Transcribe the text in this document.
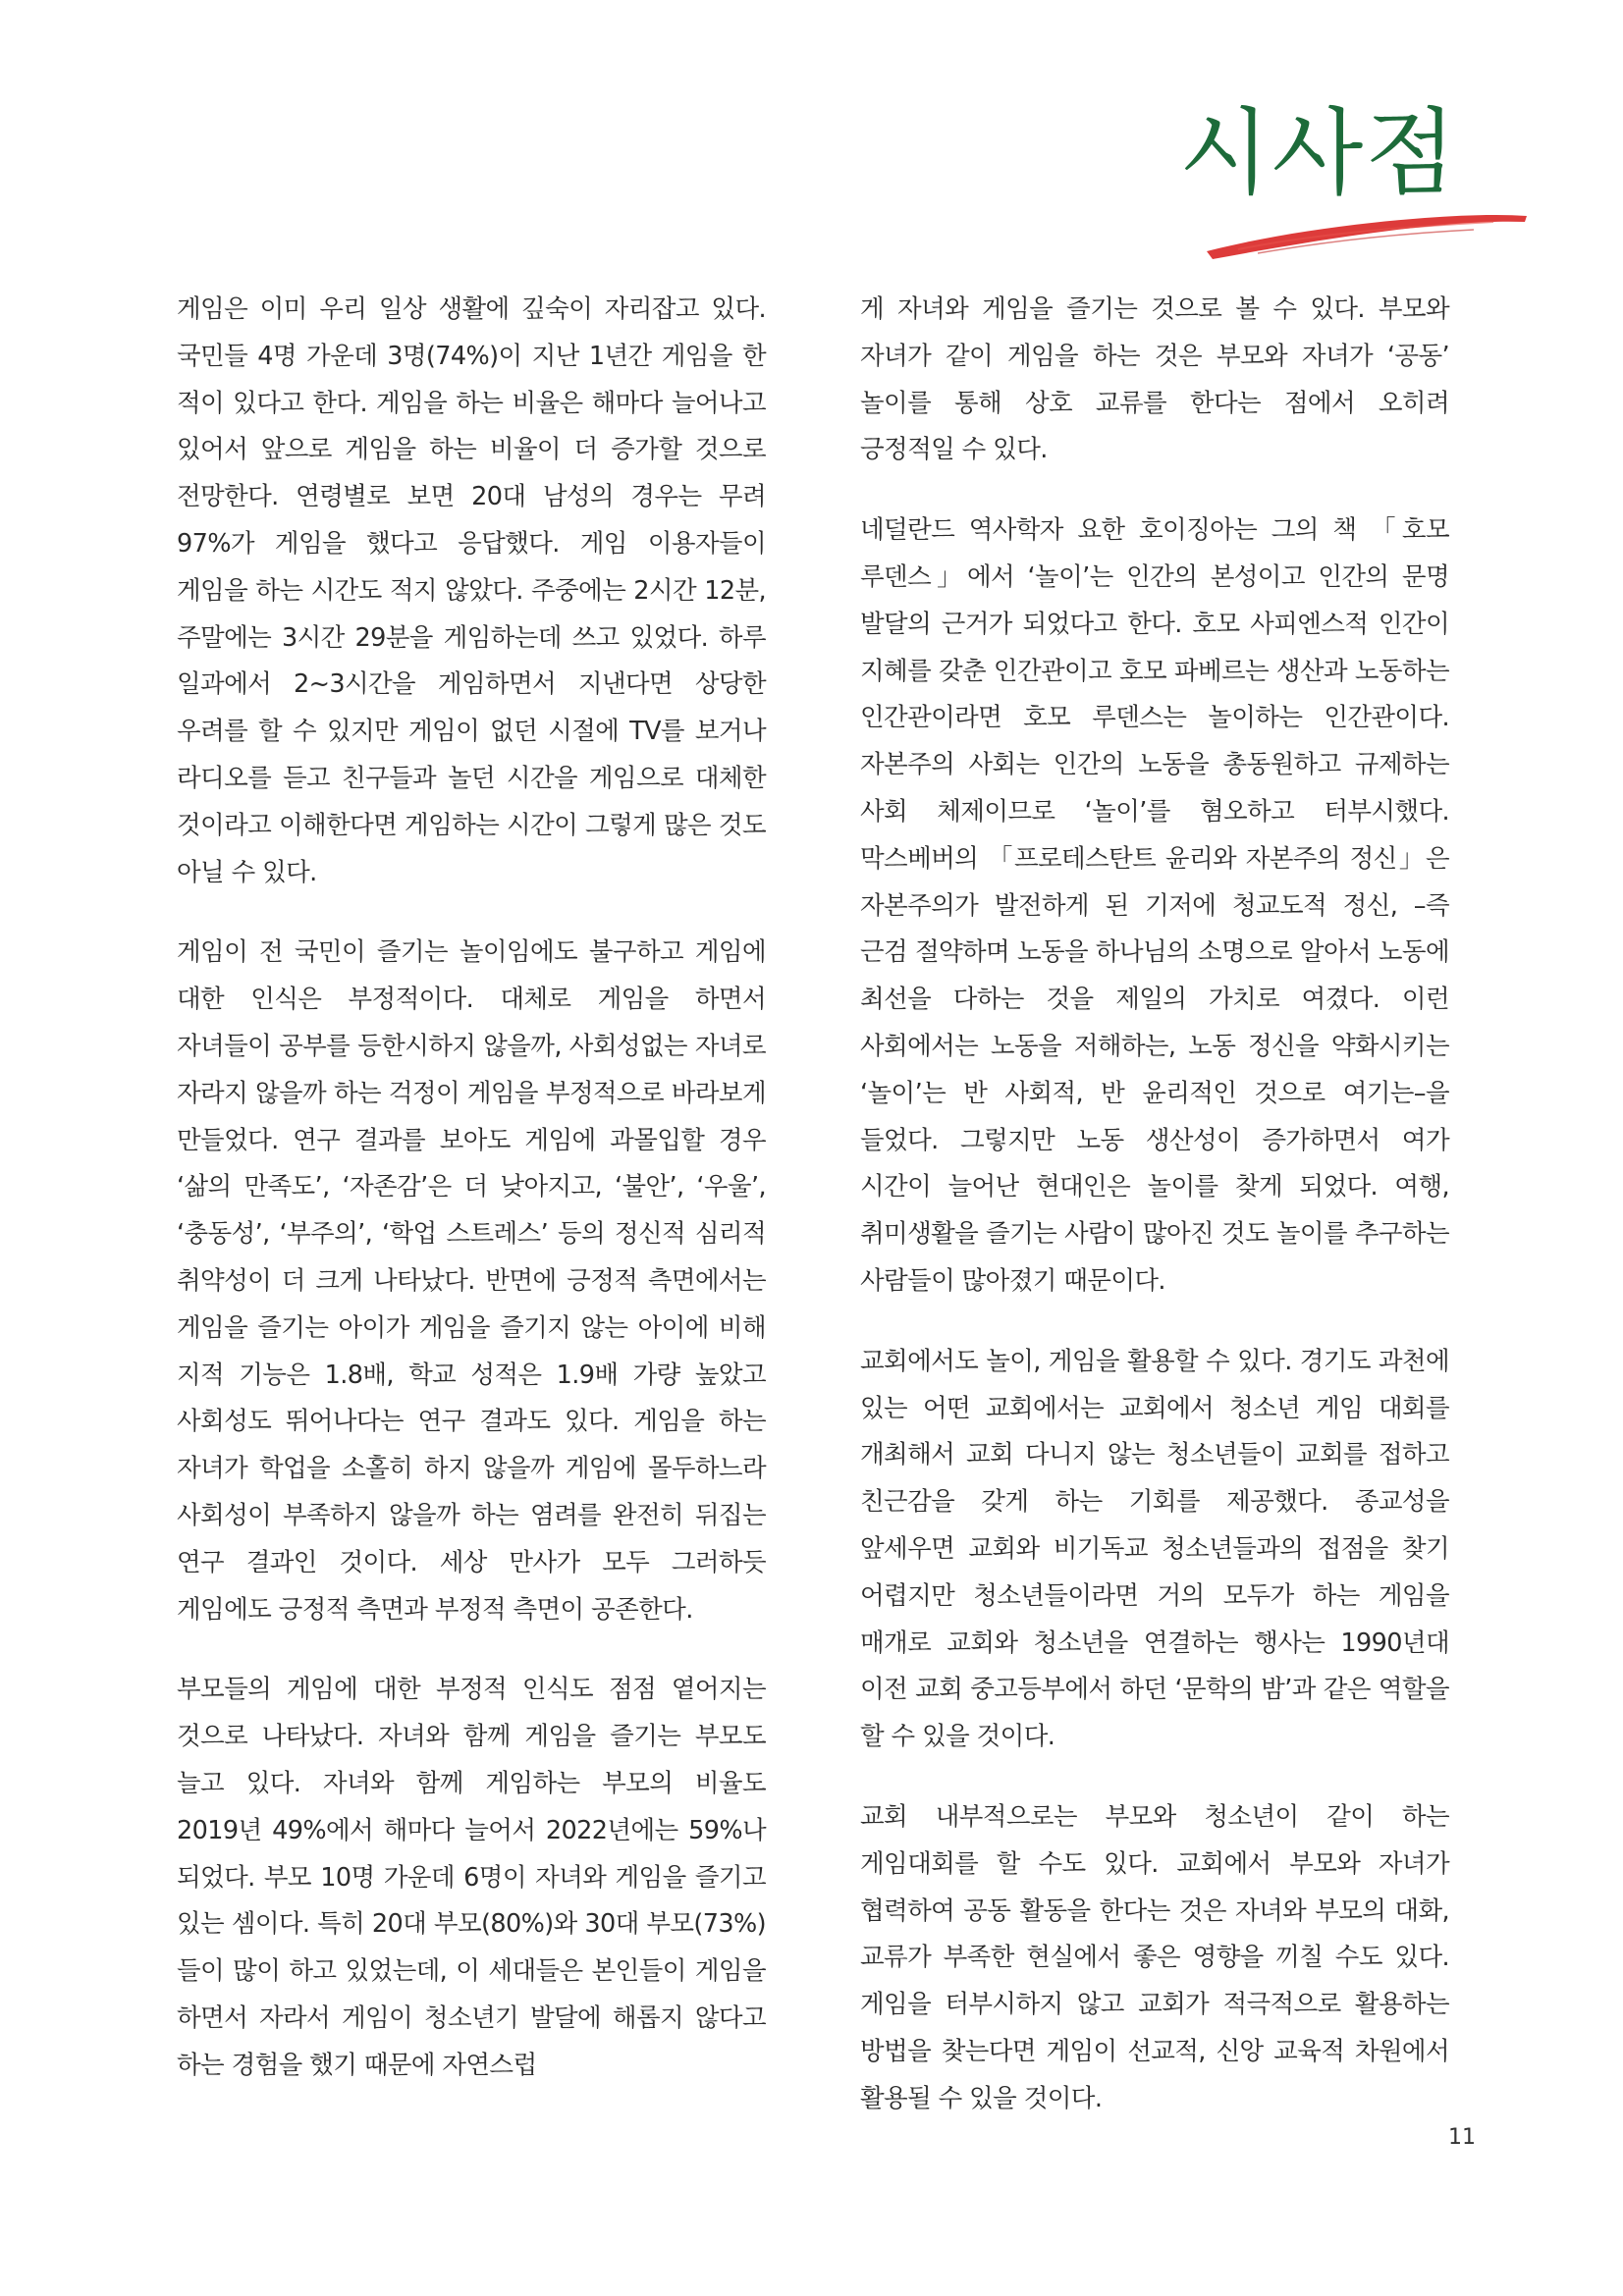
시사점

게임은 이미 우리 일상 생활에 깊숙이 자리잡고 있다. 국민들 4명 가운데 3명(74%)이 지난 1년간 게임을 한 적이 있다고 한다. 게임을 하는 비율은 해마다 늘어나고 있어서 앞으로 게임을 하는 비율이 더 증가할 것으로 전망한다. 연령별로 보면 20대 남성의 경우는 무려 97%가 게임을 했다고 응답했다. 게임 이용자들이 게임을 하는 시간도 적지 않았다. 주중에는 2시간 12분, 주말에는 3시간 29분을 게임하는데 쓰고 있었다. 하루 일과에서 2~3시간을 게임하면서 지낸다면 상당한 우려를 할 수 있지만 게임이 없던 시절에 TV를 보거나 라디오를 듣고 친구들과 놀던 시간을 게임으로 대체한 것이라고 이해한다면 게임하는 시간이 그렇게 많은 것도 아닐 수 있다.

게임이 전 국민이 즐기는 놀이임에도 불구하고 게임에 대한 인식은 부정적이다. 대체로 게임을 하면서 자녀들이 공부를 등한시하지 않을까, 사회성없는 자녀로 자라지 않을까 하는 걱정이 게임을 부정적으로 바라보게 만들었다. 연구 결과를 보아도 게임에 과몰입할 경우 ‘삶의 만족도’, ‘자존감’은 더 낮아지고, ‘불안’, ‘우울’, ‘충동성’, ‘부주의’, ‘학업 스트레스’ 등의 정신적 심리적 취약성이 더 크게 나타났다. 반면에 긍정적 측면에서는 게임을 즐기는 아이가 게임을 즐기지 않는 아이에 비해 지적 기능은 1.8배, 학교 성적은 1.9배 가량 높았고 사회성도 뛰어나다는 연구 결과도 있다. 게임을 하는 자녀가 학업을 소홀히 하지 않을까 게임에 몰두하느라 사회성이 부족하지 않을까 하는 염려를 완전히 뒤집는 연구 결과인 것이다. 세상 만사가 모두 그러하듯 게임에도 긍정적 측면과 부정적 측면이 공존한다.

부모들의 게임에 대한 부정적 인식도 점점 옅어지는 것으로 나타났다. 자녀와 함께 게임을 즐기는 부모도 늘고 있다. 자녀와 함께 게임하는 부모의 비율도 2019년 49%에서 해마다 늘어서 2022년에는 59%나 되었다. 부모 10명 가운데 6명이 자녀와 게임을 즐기고 있는 셈이다. 특히 20대 부모(80%)와 30대 부모(73%)들이 많이 하고 있었는데, 이 세대들은 본인들이 게임을 하면서 자라서 게임이 청소년기 발달에 해롭지 않다고 하는 경험을 했기 때문에 자연스럽

게 자녀와 게임을 즐기는 것으로 볼 수 있다. 부모와 자녀가 같이 게임을 하는 것은 부모와 자녀가 ‘공동’ 놀이를 통해 상호 교류를 한다는 점에서 오히려 긍정적일 수 있다.

네덜란드 역사학자 요한 호이징아는 그의 책 「호모 루덴스」에서 ‘놀이’는 인간의 본성이고 인간의 문명 발달의 근거가 되었다고 한다. 호모 사피엔스적 인간이 지혜를 갖춘 인간관이고 호모 파베르는 생산과 노동하는 인간관이라면 호모 루덴스는 놀이하는 인간관이다. 자본주의 사회는 인간의 노동을 총동원하고 규제하는 사회 체제이므로 ‘놀이’를 혐오하고 터부시했다. 막스베버의 「프로테스탄트 윤리와 자본주의 정신」은 자본주의가 발전하게 된 기저에 청교도적 정신, –즉 근검 절약하며 노동을 하나님의 소명으로 알아서 노동에 최선을 다하는 것을 제일의 가치로 여겼다. 이런 사회에서는 노동을 저해하는, 노동 정신을 약화시키는 ‘놀이’는 반 사회적, 반 윤리적인 것으로 여기는–을 들었다. 그렇지만 노동 생산성이 증가하면서 여가 시간이 늘어난 현대인은 놀이를 찾게 되었다. 여행, 취미생활을 즐기는 사람이 많아진 것도 놀이를 추구하는 사람들이 많아졌기 때문이다.

교회에서도 놀이, 게임을 활용할 수 있다. 경기도 과천에 있는 어떤 교회에서는 교회에서 청소년 게임 대회를 개최해서 교회 다니지 않는 청소년들이 교회를 접하고 친근감을 갖게 하는 기회를 제공했다. 종교성을 앞세우면 교회와 비기독교 청소년들과의 접점을 찾기 어렵지만 청소년들이라면 거의 모두가 하는 게임을 매개로 교회와 청소년을 연결하는 행사는 1990년대 이전 교회 중고등부에서 하던 ‘문학의 밤’과 같은 역할을 할 수 있을 것이다.

교회 내부적으로는 부모와 청소년이 같이 하는 게임대회를 할 수도 있다. 교회에서 부모와 자녀가 협력하여 공동 활동을 한다는 것은 자녀와 부모의 대화, 교류가 부족한 현실에서 좋은 영향을 끼칠 수도 있다. 게임을 터부시하지 않고 교회가 적극적으로 활용하는 방법을 찾는다면 게임이 선교적, 신앙 교육적 차원에서 활용될 수 있을 것이다.

11
